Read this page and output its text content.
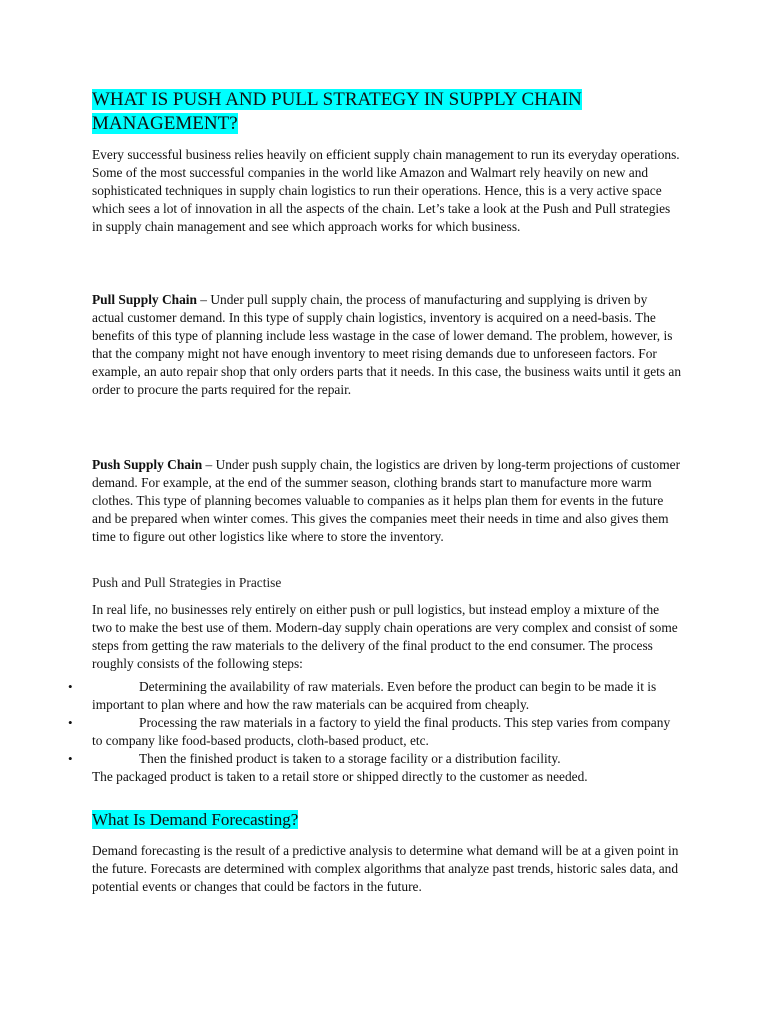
WHAT IS PUSH AND PULL STRATEGY IN SUPPLY CHAIN MANAGEMENT?

Every successful business relies heavily on efficient supply chain management to run its everyday operations. Some of the most successful companies in the world like Amazon and Walmart rely heavily on new and sophisticated techniques in supply chain logistics to run their operations. Hence, this is a very active space which sees a lot of innovation in all the aspects of the chain. Let’s take a look at the Push and Pull strategies in supply chain management and see which approach works for which business.

Pull Supply Chain – Under pull supply chain, the process of manufacturing and supplying is driven by actual customer demand. In this type of supply chain logistics, inventory is acquired on a need-basis. The benefits of this type of planning include less wastage in the case of lower demand. The problem, however, is that the company might not have enough inventory to meet rising demands due to unforeseen factors. For example, an auto repair shop that only orders parts that it needs. In this case, the business waits until it gets an order to procure the parts required for the repair.

Push Supply Chain – Under push supply chain, the logistics are driven by long-term projections of customer demand. For example, at the end of the summer season, clothing brands start to manufacture more warm clothes. This type of planning becomes valuable to companies as it helps plan them for events in the future and be prepared when winter comes. This gives the companies meet their needs in time and also gives them time to figure out other logistics like where to store the inventory.

Push and Pull Strategies in Practise

In real life, no businesses rely entirely on either push or pull logistics, but instead employ a mixture of the two to make the best use of them. Modern-day supply chain operations are very complex and consist of some steps from getting the raw materials to the delivery of the final product to the end consumer. The process roughly consists of the following steps:

•	Determining the availability of raw materials. Even before the product can begin to be made it is important to plan where and how the raw materials can be acquired from cheaply.
•	Processing the raw materials in a factory to yield the final products. This step varies from company to company like food-based products, cloth-based product, etc.
•	Then the finished product is taken to a storage facility or a distribution facility.
The packaged product is taken to a retail store or shipped directly to the customer as needed.
What Is Demand Forecasting?

Demand forecasting is the result of a predictive analysis to determine what demand will be at a given point in the future. Forecasts are determined with complex algorithms that analyze past trends, historic sales data, and potential events or changes that could be factors in the future.
